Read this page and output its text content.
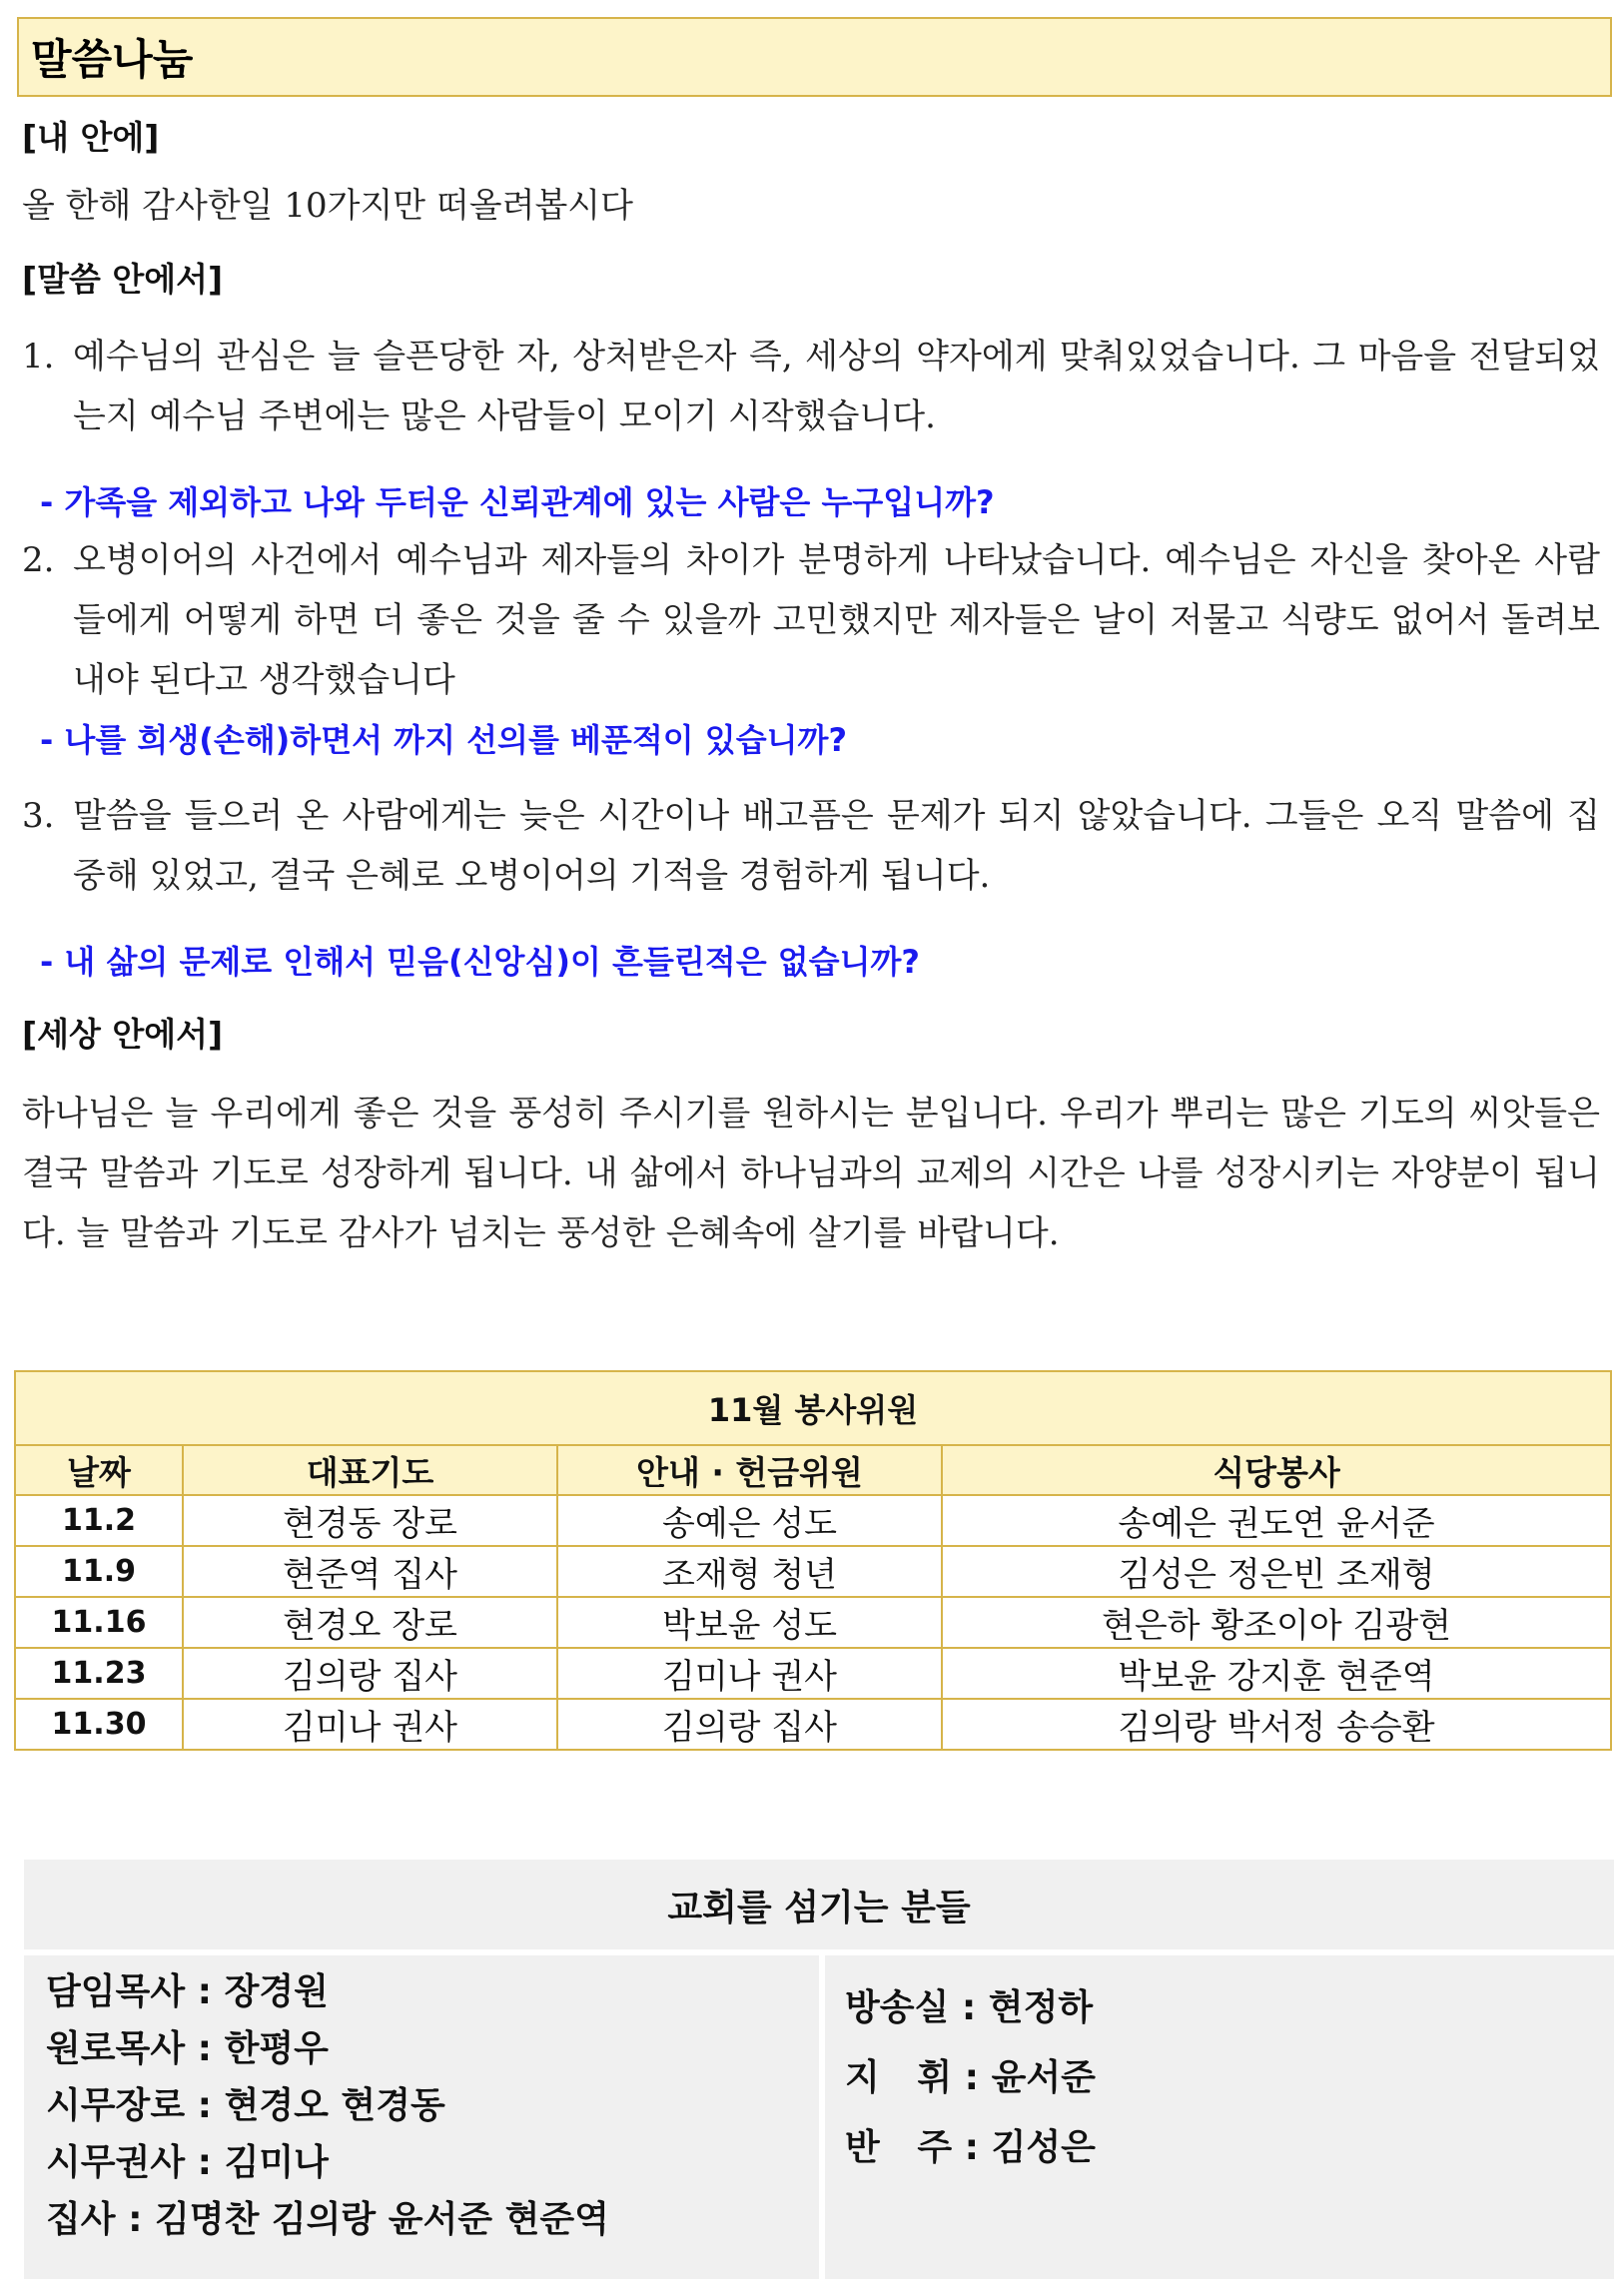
말씀나눔
[내 안에]
올 한해 감사한일 10가지만 떠올려봅시다
[말씀 안에서]
1. 예수님의 관심은 늘 슬픈당한 자, 상처받은자 즉, 세상의 약자에게 맞춰있었습니다. 그 마음을 전달되었는지 예수님 주변에는 많은 사람들이 모이기 시작했습니다.
- 가족을 제외하고 나와 두터운 신뢰관계에 있는 사람은 누구입니까?
2. 오병이어의 사건에서 예수님과 제자들의 차이가 분명하게 나타났습니다. 예수님은 자신을 찾아온 사람들에게 어떻게 하면 더 좋은 것을 줄 수 있을까 고민했지만 제자들은 날이 저물고 식량도 없어서 돌려보내야 된다고 생각했습니다
- 나를 희생(손해)하면서 까지 선의를 베푼적이 있습니까?
3. 말씀을 들으러 온 사람에게는 늦은 시간이나 배고픔은 문제가 되지 않았습니다. 그들은 오직 말씀에 집중해 있었고, 결국 은혜로 오병이어의 기적을 경험하게 됩니다.
- 내 삶의 문제로 인해서 믿음(신앙심)이 흔들린적은 없습니까?
[세상 안에서]
하나님은 늘 우리에게 좋은 것을 풍성히 주시기를 원하시는 분입니다. 우리가 뿌리는 많은 기도의 씨앗들은 결국 말씀과 기도로 성장하게 됩니다. 내 삶에서 하나님과의 교제의 시간은 나를 성장시키는 자양분이 됩니다. 늘 말씀과 기도로 감사가 넘치는 풍성한 은혜속에 살기를 바랍니다.
11월 봉사위원
날짜	대표기도	안내 · 헌금위원	식당봉사
11.2	현경동 장로	송예은 성도	송예은 권도연 윤서준
11.9	현준역 집사	조재형 청년	김성은 정은빈 조재형
11.16	현경오 장로	박보윤 성도	현은하 황조이아 김광현
11.23	김의랑 집사	김미나 권사	박보윤 강지훈 현준역
11.30	김미나 권사	김의랑 집사	김의랑 박서정 송승환
교회를 섬기는 분들
담임목사 : 장경원
원로목사 : 한평우
시무장로 : 현경오 현경동
시무권사 : 김미나
집사 : 김명찬 김의랑 윤서준 현준역
방송실 : 현정하
지   휘 : 윤서준
반   주 : 김성은
